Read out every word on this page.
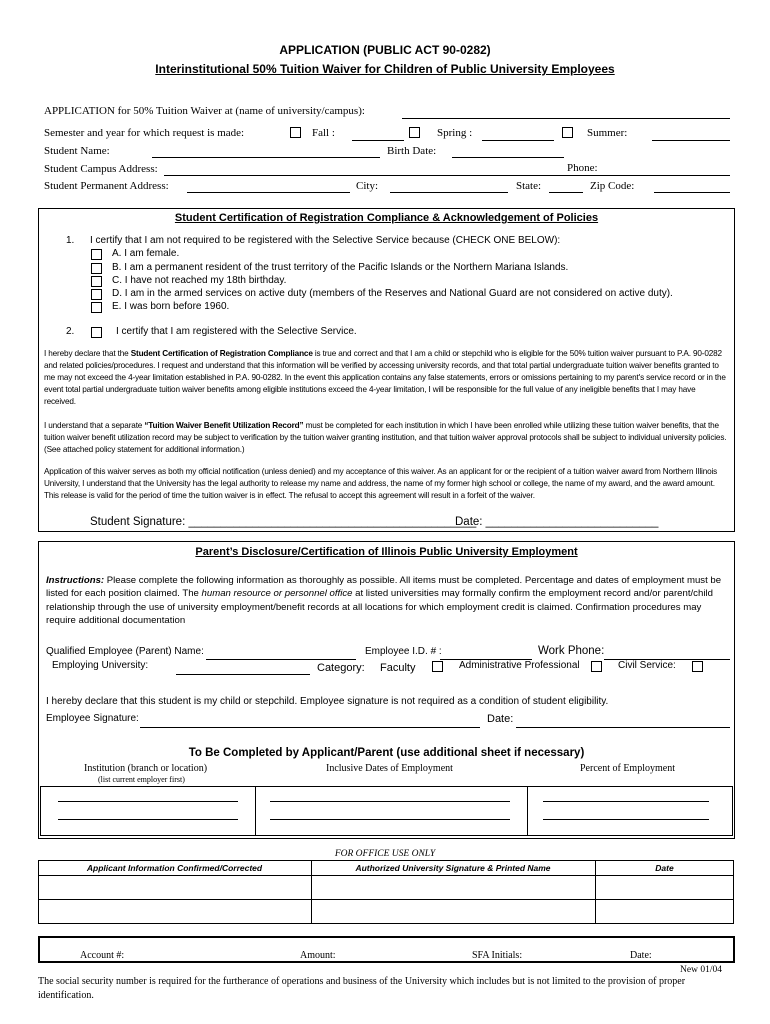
APPLICATION (PUBLIC ACT 90-0282)
Interinstitutional 50% Tuition Waiver for Children of Public University Employees
APPLICATION for 50% Tuition Waiver at (name of university/campus):
Semester and year for which request is made:	Fall :	Spring :	Summer:
Student Name:	Birth Date:
Student Campus Address:	Phone:
Student Permanent Address:	City:	State:	Zip Code:
Student Certification of Registration Compliance & Acknowledgement of Policies
1. I certify that I am not required to be registered with the Selective Service because (CHECK ONE BELOW):
A. I am female.
B. I am a permanent resident of the trust territory of the Pacific Islands or the Northern Mariana Islands.
C. I have not reached my 18th birthday.
D. I am in the armed services on active duty (members of the Reserves and National Guard are not considered on active duty).
E. I was born before 1960.
2.	I certify that I am registered with the Selective Service.

I hereby declare that the Student Certification of Registration Compliance is true and correct and that I am a child or stepchild who is eligible for the 50% tuition waiver pursuant to P.A. 90-0282 and related policies/procedures. I request and understand that this information will be verified by accessing university records, and that total partial undergraduate tuition waiver benefits granted to me may not exceed the 4-year limitation established in P.A. 90-0282. In the event this application contains any false statements, errors or omissions pertaining to my parent's service record or in the event total partial undergraduate tuition waiver benefits among eligible institutions exceed the 4-year limitation, I will be responsible for the full value of any ineligible benefits that I may have received.

I understand that a separate “Tuition Waiver Benefit Utilization Record” must be completed for each institution in which I have been enrolled while utilizing these tuition waiver benefits, that the tuition waiver benefit utilization record may be subject to verification by the tuition waiver granting institution, and that tuition waiver approval protocols shall be subject to individual university policies. (See attached policy statement for additional information.)

Application of this waiver serves as both my official notification (unless denied) and my acceptance of this waiver. As an applicant for or the recipient of a tuition waiver award from Northern Illinois University, I understand that the University has the legal authority to release my name and address, the name of my former high school or college, the name of my award, and the award amount. This release is valid for the period of time the tuition waiver is in effect. The refusal to accept this agreement will result in a forfeit of the waiver.
Student Signature: _____________________________________________
Date: ___________________________
Parent’s Disclosure/Certification of Illinois Public University Employment
Instructions: Please complete the following information as thoroughly as possible. All items must be completed. Percentage and dates of employment must be listed for each position claimed. The human resource or personnel office at listed universities may formally confirm the employment record and/or parent/child relationship through the use of university employment/benefit records at all locations for which employment credit is claimed. Confirmation procedures may require additional documentation
Qualified Employee (Parent) Name:	Employee I.D. # :	Work Phone:
Employing University:	Category: Faculty	Administrative Professional	Civil Service:
I hereby declare that this student is my child or stepchild. Employee signature is not required as a condition of student eligibility.
Employee Signature:	Date:
To Be Completed by Applicant/Parent (use additional sheet if necessary)
Institution (branch or location)
(list current employer first)
Inclusive Dates of Employment	Percent of Employment
FOR OFFICE USE ONLY
Applicant Information Confirmed/Corrected	Authorized University Signature & Printed Name	Date
Account #:	Amount:	SFA Initials:	Date:
New 01/04
The social security number is required for the furtherance of operations and business of the University which includes but is not limited to the provision of proper identification.
